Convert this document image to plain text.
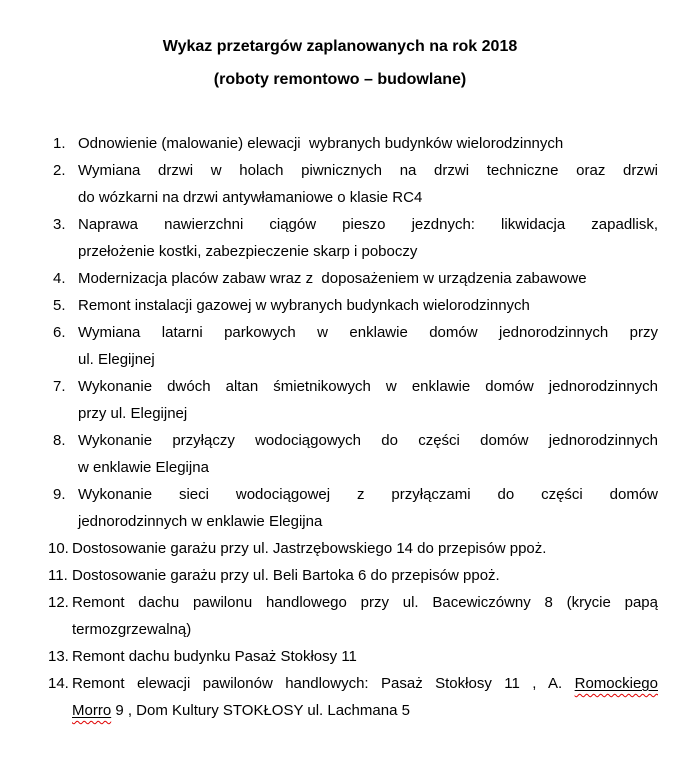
Wykaz przetargów zaplanowanych na rok 2018
(roboty remontowo – budowlane)
1. Odnowienie (malowanie) elewacji  wybranych budynków wielorodzinnych
2. Wymiana drzwi w holach piwnicznych na drzwi techniczne oraz drzwi
do wózkarni na drzwi antywłamaniowe o klasie RC4
3. Naprawa nawierzchni ciągów pieszo jezdnych: likwidacja zapadlisk,
przełożenie kostki, zabezpieczenie skarp i poboczy
4. Modernizacja placów zabaw wraz z  doposażeniem w urządzenia zabawowe
5. Remont instalacji gazowej w wybranych budynkach wielorodzinnych
6. Wymiana latarni parkowych w enklawie domów jednorodzinnych przy
ul. Elegijnej
7. Wykonanie dwóch altan śmietnikowych w enklawie domów jednorodzinnych
przy ul. Elegijnej
8. Wykonanie przyłączy wodociągowych do części domów jednorodzinnych
w enklawie Elegijna
9. Wykonanie sieci wodociągowej z przyłączami do części domów
jednorodzinnych w enklawie Elegijna
10. Dostosowanie garażu przy ul. Jastrzębowskiego 14 do przepisów ppoż.
11. Dostosowanie garażu przy ul. Beli Bartoka 6 do przepisów ppoż.
12. Remont dachu pawilonu handlowego przy ul. Bacewiczówny 8 (krycie papą
termozgrzewalną)
13. Remont dachu budynku Pasaż Stokłosy 11
14. Remont elewacji pawilonów handlowych: Pasaż Stokłosy 11 , A. Romockiego
Morro 9 , Dom Kultury STOKŁOSY ul. Lachmana 5
